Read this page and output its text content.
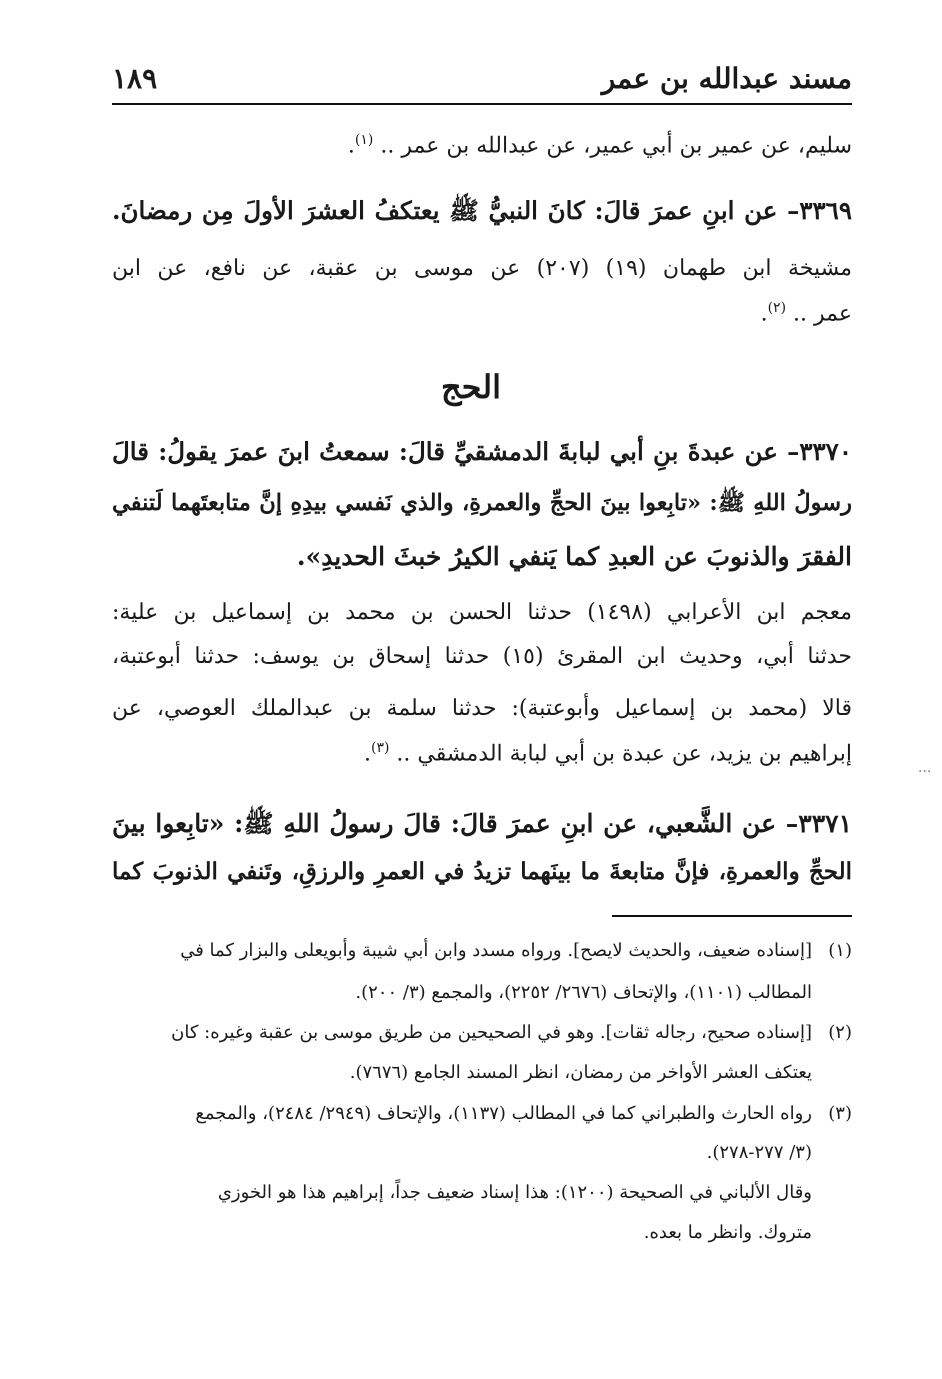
مسند عبدالله بن عمر
١٨٩
سليم، عن عمير بن أبي عمير، عن عبدالله بن عمر .. $^{(١)}$.
٣٣٦٩– عن ابنِ عمرَ قالَ: كانَ النبيُّ ﷺ يعتكفُ العشرَ الأولَ مِن رمضانَ.
مشيخة ابن طهمان (١٩) (٢٠٧) عن موسى بن عقبة، عن نافع، عن ابن
عمر .. $^{(٢)}$.
الحج
٣٣٧٠– عن عبدةَ بنِ أبي لبابةَ الدمشقيِّ قالَ: سمعتُ ابنَ عمرَ يقولُ: قالَ
رسولُ اللهِ ﷺ: «تابِعوا بينَ الحجِّ والعمرةِ، والذي نَفسي بيدِهِ إنَّ متابعتَهما لَتنفي
الفقرَ والذنوبَ عن العبدِ كما يَنفي الكيرُ خبثَ الحديدِ».
معجم ابن الأعرابي (١٤٩٨) حدثنا الحسن بن محمد بن إسماعيل بن علية:
حدثنا أبي، وحديث ابن المقرئ (١٥) حدثنا إسحاق بن يوسف: حدثنا أبوعتبة،
قالا (محمد بن إسماعيل وأبوعتبة): حدثنا سلمة بن عبدالملك العوصي، عن
إبراهيم بن يزيد، عن عبدة بن أبي لبابة الدمشقي .. $^{(٣)}$.
٣٣٧١– عن الشَّعبي، عن ابنِ عمرَ قالَ: قالَ رسولُ اللهِ ﷺ: «تابِعوا بينَ
الحجِّ والعمرةِ، فإنَّ متابعةَ ما بينَهما تزيدُ في العمرِ والرزقِ، وتَنفي الذنوبَ كما
...
(١)[إسناده ضعيف، والحديث لايصح]. ورواه مسدد وابن أبي شيبة وأبويعلى والبزار كما في
المطالب (١١٠١)، والإتحاف (٢٦٧٦/ ٢٢٥٢)، والمجمع (٣/ ٢٠٠).
(٢)[إسناده صحيح، رجاله ثقات]. وهو في الصحيحين من طريق موسى بن عقبة وغيره: كان
يعتكف العشر الأواخر من رمضان، انظر المسند الجامع (٧٦٧٦).
(٣)رواه الحارث والطبراني كما في المطالب (١١٣٧)، والإتحاف (٢٩٤٩/ ٢٤٨٤)، والمجمع
(٣/ ٢٧٧-٢٧٨).
وقال الألباني في الصحيحة (١٢٠٠): هذا إسناد ضعيف جداً، إبراهيم هذا هو الخوزي
متروك. وانظر ما بعده.
